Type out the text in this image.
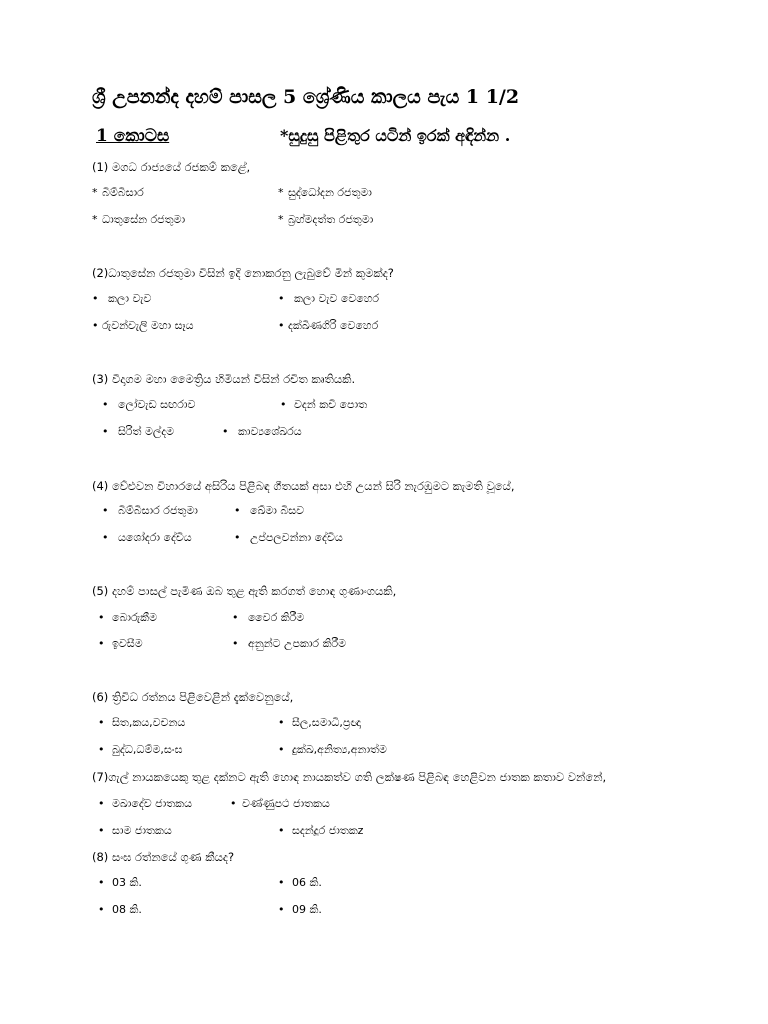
ශ්‍රී උපනන්ද දහම් පාසල 5 ශ්‍රේණිය කාලය පැය 1 1/2
1 කොටස	*සුදුසු පිළිතුර යටින් ඉරක් අඳින්න .
(1) මගධ රාජ්‍යයේ රජකම් කළේ,
* බිම්බිසාර	* සුද්ධෝදන රජතුමා
* ධාතුසේන රජතුමා	* බ්‍රහ්මදත්ත රජතුමා
(2)ධාතුසේන රජතුමා විසින් ඉදි නොකරනු ලැබුවේ මින් කුමක්ද?
• කලා වැව	• කලා වැව වෙහෙර
• රුවන්වැලි මහා සෑය	• දක්ඛිණගිරි වෙහෙර
(3) වීදාගම මහා මෛත්‍රිය හිමියන් විසින් රචිත කෘතියකි.
• ලෝවැඩ සඟරාව	• වදන් කවි පොත
• සිරිත් මල්දම	• කාව්‍යශේඛරය
(4) වේළුවන විහාරයේ අසිරිය පිළිබඳ ගීතයක් අසා එහි උයන් සිරි නැරඹුමට කැමති වූයේ,
• බිම්බිසාර රජතුමා	• ඛේමා බිසව
• යශෝදරා දේවිය	• උප්පලවන්නා දේවිය
(5) දහම් පාසල් පැමිණ ඔබ තුළ ඇති කරගත් හොඳ ගුණාංගයකි,
• බොරුකීම	• වෛර කිරීම
• ඉවසීම	• අනුන්ට උපකාර කිරීම
(6) ත්‍රිවිධ රත්නය පිළිවෙළින් දැක්වෙනුයේ,
• සිත,කය,වචනය	• සීල,සමාධි,ප්‍රඥා
• බුද්ධ,ධම්ම,සංඝ	• දුක්ඛ,අනිත්‍ය,අනාත්ම
(7)ගැල් නායකයෙකු තුළ දක්නට ඇති හොඳ නායකත්ව ගති ලක්ෂණ පිළිබඳ හෙළිවන ජාතක කතාව වන්නේ,
• මඛාදේව ජාතකය	• වණ්ණුපථ ජාතකය
• සාම ජාතකය	• සදන්දූර ජාතකz
(8) සංඝ රත්නයේ ගුණ කීයද?
• 03 කි.	• 06 කි.
• 08 කි.	• 09 කි.
